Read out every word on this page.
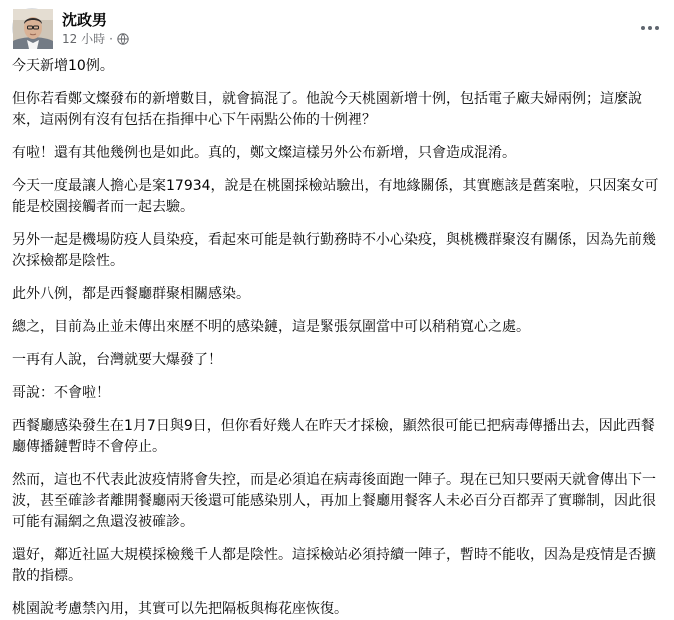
沈政男
12 小時 ·

今天新增10例。

但你若看鄭文燦發布的新增數目，就會搞混了。他說今天桃園新增十例，包括電子廠夫婦兩例；這麼說來，這兩例有沒有包括在指揮中心下午兩點公佈的十例裡？

有啦！還有其他幾例也是如此。真的，鄭文燦這樣另外公布新增，只會造成混淆。

今天一度最讓人擔心是案17934，說是在桃園採檢站驗出，有地緣關係，其實應該是舊案啦，只因案女可能是校園接觸者而一起去驗。

另外一起是機場防疫人員染疫，看起來可能是執行勤務時不小心染疫，與桃機群聚沒有關係，因為先前幾次採檢都是陰性。

此外八例，都是西餐廳群聚相關感染。

總之，目前為止並未傳出來歷不明的感染鏈，這是緊張氛圍當中可以稍稍寬心之處。

一再有人說，台灣就要大爆發了！

哥說：不會啦！

西餐廳感染發生在1月7日與9日，但你看好幾人在昨天才採檢，顯然很可能已把病毒傳播出去，因此西餐廳傳播鏈暫時不會停止。

然而，這也不代表此波疫情將會失控，而是必須追在病毒後面跑一陣子。現在已知只要兩天就會傳出下一波，甚至確診者離開餐廳兩天後還可能感染別人，再加上餐廳用餐客人未必百分百都弄了實聯制，因此很可能有漏網之魚還沒被確診。

還好，鄰近社區大規模採檢幾千人都是陰性。這採檢站必須持續一陣子，暫時不能收，因為是疫情是否擴散的指標。

桃園說考慮禁內用，其實可以先把隔板與梅花座恢復。
